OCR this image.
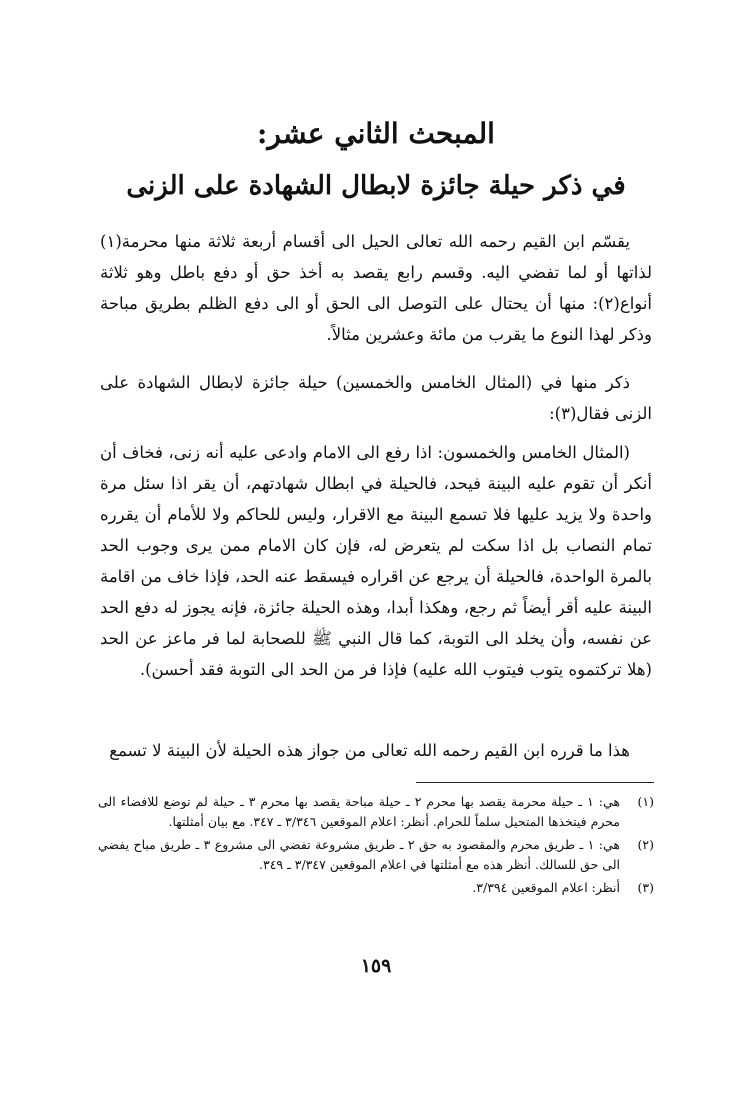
المبحث الثاني عشر:
في ذكر حيلة جائزة لابطال الشهادة على الزنى
يقسّم ابن القيم رحمه الله تعالى الحيل الى أقسام أربعة ثلاثة منها محرمة(١) لذاتها أو لما تفضي اليه. وقسم رابع يقصد به أخذ حق أو دفع باطل وهو ثلاثة أنواع(٢): منها أن يحتال على التوصل الى الحق أو الى دفع الظلم بطريق مباحة وذكر لهذا النوع ما يقرب من مائة وعشرين مثالاً.
ذكر منها في (المثال الخامس والخمسين) حيلة جائزة لابطال الشهادة على الزنى فقال(٣):
(المثال الخامس والخمسون: اذا رفع الى الامام وادعى عليه أنه زنى، فخاف أن أنكر أن تقوم عليه البينة فيحد، فالحيلة في ابطال شهادتهم، أن يقر اذا سئل مرة واحدة ولا يزيد عليها فلا تسمع البينة مع الاقرار، وليس للحاكم ولا للأمام أن يقرره تمام النصاب بل اذا سكت لم يتعرض له، فإن كان الامام ممن يرى وجوب الحد بالمرة الواحدة، فالحيلة أن يرجع عن اقراره فيسقط عنه الحد، فإذا خاف من اقامة البينة عليه أقر أيضاً ثم رجع، وهكذا أبدا، وهذه الحيلة جائزة، فإنه يجوز له دفع الحد عن نفسه، وأن يخلد الى التوبة، كما قال النبي ﷺ للصحابة لما فر ماعز عن الحد (هلا تركتموه يتوب فيتوب الله عليه) فإذا فر من الحد الى التوبة فقد أحسن).
هذا ما قرره ابن القيم رحمه الله تعالى من جواز هذه الحيلة لأن البينة لا تسمع
(١)
هي: ١ ـ حيلة محرمة يقصد بها محرم ٢ ـ حيلة مباحة يقصد بها محرم ٣ ـ حيلة لم توضع للافضاء الى محرم فيتخذها المتحيل سلماً للحرام. أنظر: اعلام الموقعين ٣/٣٤٦ ـ ٣٤٧. مع بيان أمثلتها.
(٢)
هي: ١ ـ طريق محرم والمقصود به حق ٢ ـ طريق مشروعة تفضي الى مشروع ٣ ـ طريق مباح يفضي الى حق للسالك. أنظر هذه مع أمثلتها في اعلام الموقعين ٣/٣٤٧ ـ ٣٤٩.
(٣)
أنظر: اعلام الموقعين ٣/٣٩٤.
١٥٩
